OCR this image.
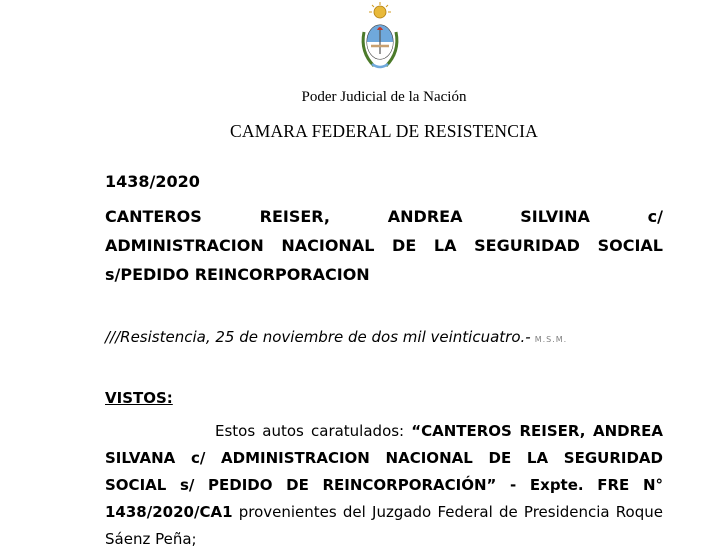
Poder Judicial de la Nación
CAMARA FEDERAL DE RESISTENCIA
1438/2020
CANTEROS REISER, ANDREA SILVINA c/
ADMINISTRACION NACIONAL DE LA SEGURIDAD SOCIAL
s/PEDIDO REINCORPORACION
///Resistencia, 25 de noviembre de dos mil veinticuatro.- M.S.M.
VISTOS:
Estos autos caratulados: “CANTEROS REISER, ANDREA
SILVANA c/ ADMINISTRACION NACIONAL DE LA SEGURIDAD
SOCIAL s/ PEDIDO DE REINCORPORACIÓN” - Expte. FRE N°
1438/2020/CA1 provenientes del Juzgado Federal de Presidencia Roque
Sáenz Peña;
